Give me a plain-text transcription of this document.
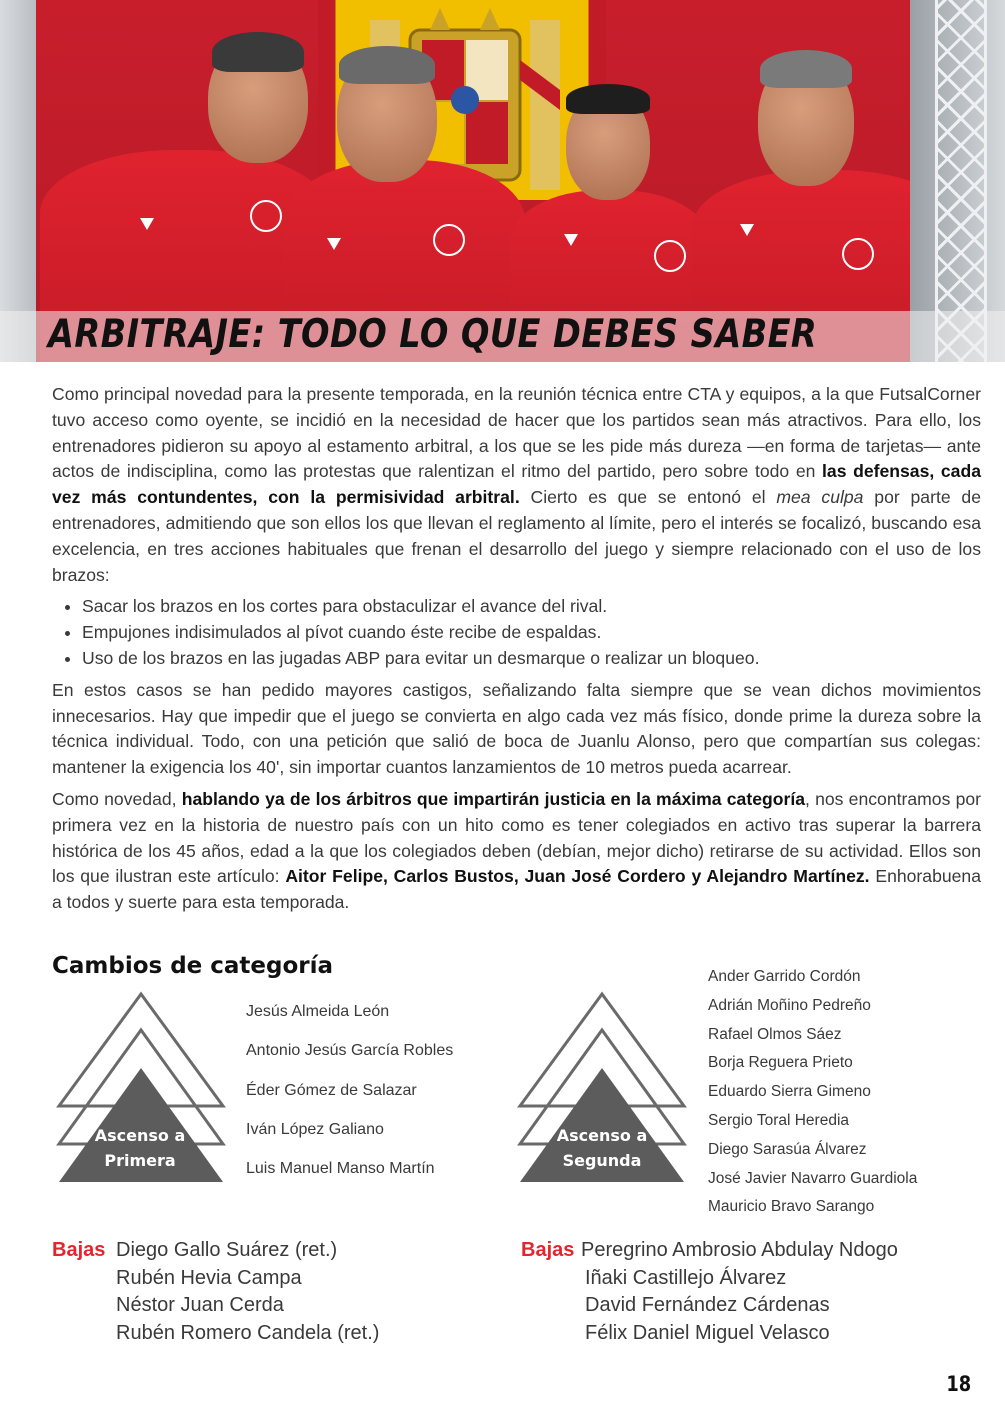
ARBITRAJE: TODO LO QUE DEBES SABER

Como principal novedad para la presente temporada, en la reunión técnica entre CTA y equipos, a la que FutsalCorner tuvo acceso como oyente, se incidió en la necesidad de hacer que los partidos sean más atractivos. Para ello, los entrenadores pidieron su apoyo al estamento arbitral, a los que se les pide más dureza —en forma de tarjetas— ante actos de indisciplina, como las protestas que ralentizan el ritmo del partido, pero sobre todo en las defensas, cada vez más contundentes, con la permisividad arbitral. Cierto es que se entonó el mea culpa por parte de entrenadores, admitiendo que son ellos los que llevan el reglamento al límite, pero el interés se focalizó, buscando esa excelencia, en tres acciones habituales que frenan el desarrollo del juego y siempre relacionado con el uso de los brazos:

• Sacar los brazos en los cortes para obstaculizar el avance del rival.
• Empujones indisimulados al pívot cuando éste recibe de espaldas.
• Uso de los brazos en las jugadas ABP para evitar un desmarque o realizar un bloqueo.

En estos casos se han pedido mayores castigos, señalizando falta siempre que se vean dichos movimientos innecesarios. Hay que impedir que el juego se convierta en algo cada vez más físico, donde prime la dureza sobre la técnica individual. Todo, con una petición que salió de boca de Juanlu Alonso, pero que compartían sus colegas: mantener la exigencia los 40', sin importar cuantos lanzamientos de 10 metros pueda acarrear.

Como novedad, hablando ya de los árbitros que impartirán justicia en la máxima categoría, nos encontramos por primera vez en la historia de nuestro país con un hito como es tener colegiados en activo tras superar la barrera histórica de los 45 años, edad a la que los colegiados deben (debían, mejor dicho) retirarse de su actividad. Ellos son los que ilustran este artículo: Aitor Felipe, Carlos Bustos, Juan José Cordero y Alejandro Martínez. Enhorabuena a todos y suerte para esta temporada.

Cambios de categoría
Ascenso a
Primera
Jesús Almeida León
Antonio Jesús García Robles
Éder Gómez de Salazar
Iván López Galiano
Luis Manuel Manso Martín
Ascenso a
Segunda
Ander Garrido Cordón
Adrián Moñino Pedreño
Rafael Olmos Sáez
Borja Reguera Prieto
Eduardo Sierra Gimeno
Sergio Toral Heredia
Diego Sarasúa Álvarez
José Javier Navarro Guardiola
Mauricio Bravo Sarango
Bajas Diego Gallo Suárez (ret.)
Rubén Hevia Campa
Néstor Juan Cerda
Rubén Romero Candela (ret.)
Bajas Peregrino Ambrosio Abdulay Ndogo
Iñaki Castillejo Álvarez
David Fernández Cárdenas
Félix Daniel Miguel Velasco
18
